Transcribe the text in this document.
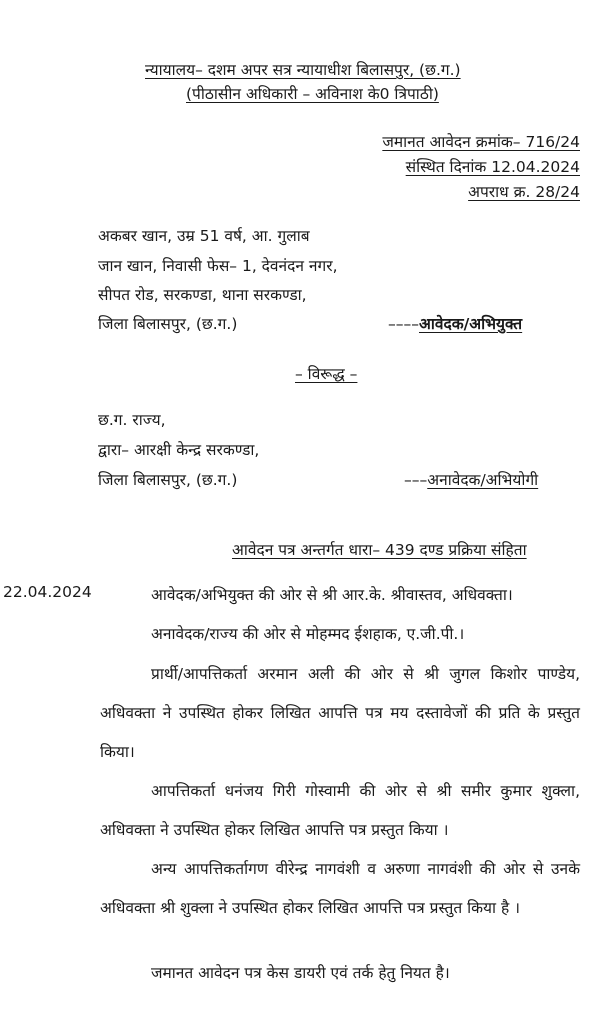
न्यायालय– दशम अपर सत्र न्यायाधीश बिलासपुर, (छ.ग.)
(पीठासीन अधिकारी – अविनाश के0 त्रिपाठी)
जमानत आवेदन क्रमांक– 716/24
संस्थित दिनांक 12.04.2024
अपराध क्र. 28/24
अकबर खान, उम्र 51 वर्ष, आ. गुलाब
जान खान, निवासी फेस– 1, देवनंदन नगर,
सीपत रोड, सरकण्डा, थाना सरकण्डा,
जिला बिलासपुर, (छ.ग.)	––––आवेदक/अभियुक्त
– विरूद्ध –
छ.ग. राज्य,
द्वारा– आरक्षी केन्द्र सरकण्डा,
जिला बिलासपुर, (छ.ग.)	–––अनावेदक/अभियोगी
आवेदन पत्र अन्तर्गत धारा– 439 दण्ड प्रक्रिया संहिता
22.04.2024	आवेदक/अभियुक्त की ओर से श्री आर.के. श्रीवास्तव, अधिवक्ता।
अनावेदक/राज्य की ओर से मोहम्मद ईशहाक, ए.जी.पी.।
प्रार्थी/आपत्तिकर्ता अरमान अली की ओर से श्री जुगल किशोर पाण्डेय, अधिवक्ता ने उपस्थित होकर लिखित आपत्ति पत्र मय दस्तावेजों की प्रति के प्रस्तुत किया।
आपत्तिकर्ता धनंजय गिरी गोस्वामी की ओर से श्री समीर कुमार शुक्ला, अधिवक्ता ने उपस्थित होकर लिखित आपत्ति पत्र प्रस्तुत किया ।
अन्य आपत्तिकर्तागण वीरेन्द्र नागवंशी व अरुणा नागवंशी की ओर से उनके अधिवक्ता श्री शुक्ला ने उपस्थित होकर लिखित आपत्ति पत्र प्रस्तुत किया है ।
जमानत आवेदन पत्र केस डायरी एवं तर्क हेतु नियत है।
